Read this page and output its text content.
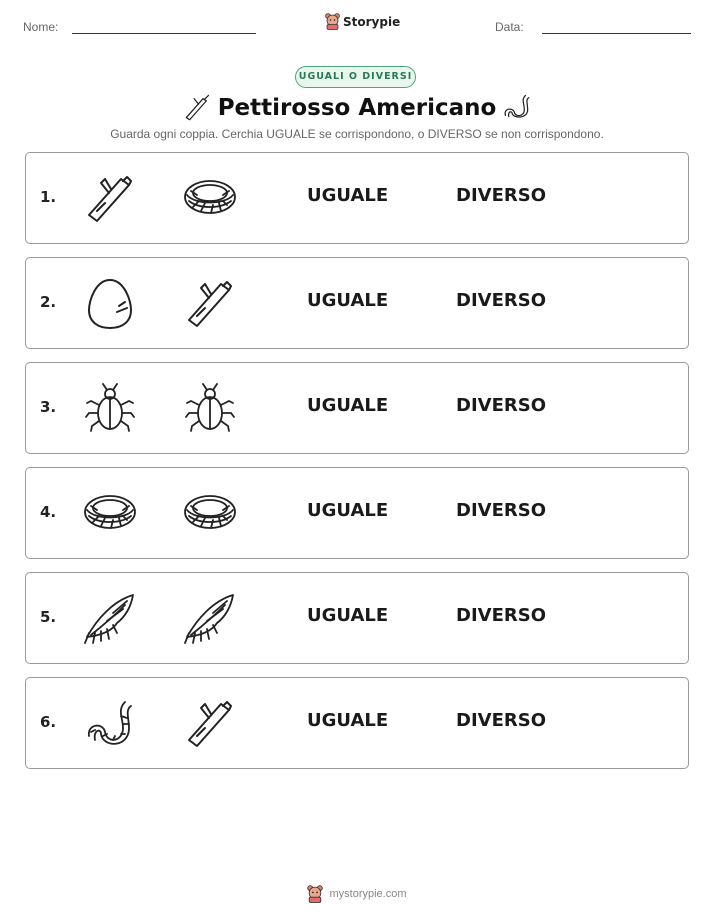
Nome:	Storypie	Data:
UGUALI O DIVERSI
Pettirosso Americano
Guarda ogni coppia. Cerchia UGUALE se corrispondono, o DIVERSO se non corrispondono.
1.	UGUALE	DIVERSO
2.	UGUALE	DIVERSO
3.	UGUALE	DIVERSO
4.	UGUALE	DIVERSO
5.	UGUALE	DIVERSO
6.	UGUALE	DIVERSO
mystorypie.com
